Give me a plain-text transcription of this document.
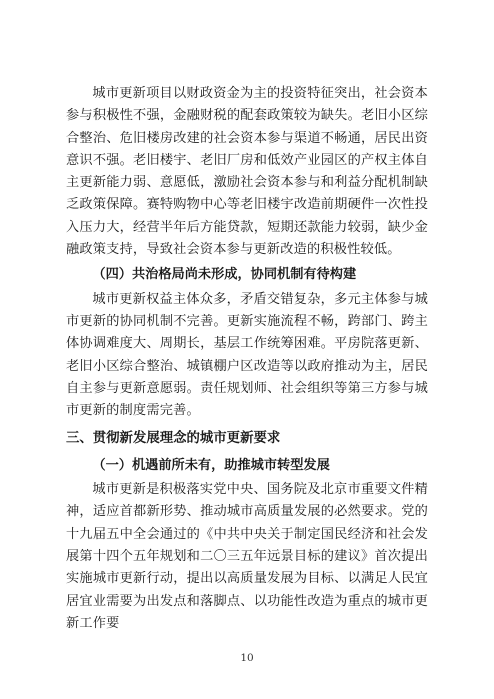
城市更新项目以财政资金为主的投资特征突出，社会资本参与积极性不强，金融财税的配套政策较为缺失。老旧小区综合整治、危旧楼房改建的社会资本参与渠道不畅通，居民出资意识不强。老旧楼宇、老旧厂房和低效产业园区的产权主体自主更新能力弱、意愿低，激励社会资本参与和利益分配机制缺乏政策保障。赛特购物中心等老旧楼宇改造前期硬件一次性投入压力大，经营半年后方能贷款，短期还款能力较弱，缺少金融政策支持，导致社会资本参与更新改造的积极性较低。

（四）共治格局尚未形成，协同机制有待构建

城市更新权益主体众多，矛盾交错复杂，多元主体参与城市更新的协同机制不完善。更新实施流程不畅，跨部门、跨主体协调难度大、周期长，基层工作统筹困难。平房院落更新、老旧小区综合整治、城镇棚户区改造等以政府推动为主，居民自主参与更新意愿弱。责任规划师、社会组织等第三方参与城市更新的制度需完善。

三、贯彻新发展理念的城市更新要求
（一）机遇前所未有，助推城市转型发展

城市更新是积极落实党中央、国务院及北京市重要文件精神，适应首都新形势、推动城市高质量发展的必然要求。党的十九届五中全会通过的《中共中央关于制定国民经济和社会发展第十四个五年规划和二〇三五年远景目标的建议》首次提出实施城市更新行动，提出以高质量发展为目标、以满足人民宜居宜业需要为出发点和落脚点、以功能性改造为重点的城市更新工作要

10
